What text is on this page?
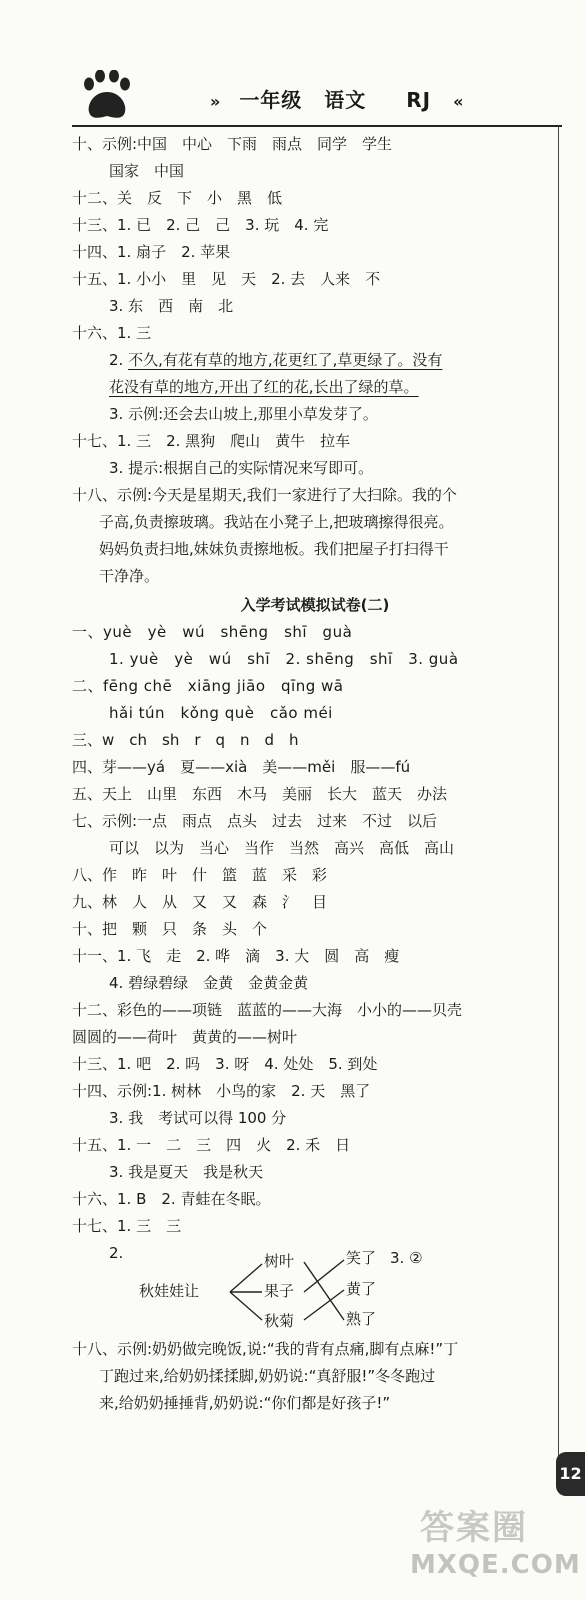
» 一年级 语文 RJ «
十、示例:中国　中心　下雨　雨点　同学　学生
国家　中国
十二、关　反　下　小　黑　低
十三、1. 已　2. 己　己　3. 玩　4. 完
十四、1. 扇子　2. 苹果
十五、1. 小小　里　见　天　2. 去　人来　不
3. 东　西　南　北
十六、1. 三
2. 不久,有花有草的地方,花更红了,草更绿了。没有
花没有草的地方,开出了红的花,长出了绿的草。
3. 示例:还会去山坡上,那里小草发芽了。
十七、1. 三　2. 黑狗　爬山　黄牛　拉车
3. 提示:根据自己的实际情况来写即可。
十八、示例:今天是星期天,我们一家进行了大扫除。我的个
子高,负责擦玻璃。我站在小凳子上,把玻璃擦得很亮。
妈妈负责扫地,妹妹负责擦地板。我们把屋子打扫得干
干净净。
入学考试模拟试卷(二)
一、yuè　yè　wú　shēng　shī　guà
1. yuè　yè　wú　shī　2. shēng　shī　3. guà
二、fēng chē　xiāng jiāo　qīng wā
hǎi tún　kǒng què　cǎo méi
三、w　ch　sh　r　q　n　d　h
四、芽——yá　夏——xià　美——měi　服——fú
五、天上　山里　东西　木马　美丽　长大　蓝天　办法
七、示例:一点　雨点　点头　过去　过来　不过　以后
可以　以为　当心　当作　当然　高兴　高低　高山
八、作　昨　叶　什　篮　蓝　采　彩
九、林　人　从　又　又　森　氵　目
十、把　颗　只　条　头　个
十一、1. 飞　走　2. 哗　滴　3. 大　圆　高　瘦
4. 碧绿碧绿　金黄　金黄金黄
十二、彩色的——项链　蓝蓝的——大海　小小的——贝壳
圆圆的——荷叶　黄黄的——树叶
十三、1. 吧　2. 吗　3. 呀　4. 处处　5. 到处
十四、示例:1. 树林　小鸟的家　2. 天　黑了
3. 我　考试可以得 100 分
十五、1. 一　二　三　四　火　2. 禾　日
3. 我是夏天　我是秋天
十六、1. B　2. 青蛙在冬眠。
十七、1. 三　三
2.
秋娃娃让
树叶
果子
秋菊
笑了
黄了
熟了
3. ②
十八、示例:奶奶做完晚饭,说:“我的背有点痛,脚有点麻!”丁
丁跑过来,给奶奶揉揉脚,奶奶说:“真舒服!”冬冬跑过
来,给奶奶捶捶背,奶奶说:“你们都是好孩子!”
12
答案圈
MXQE.COM
